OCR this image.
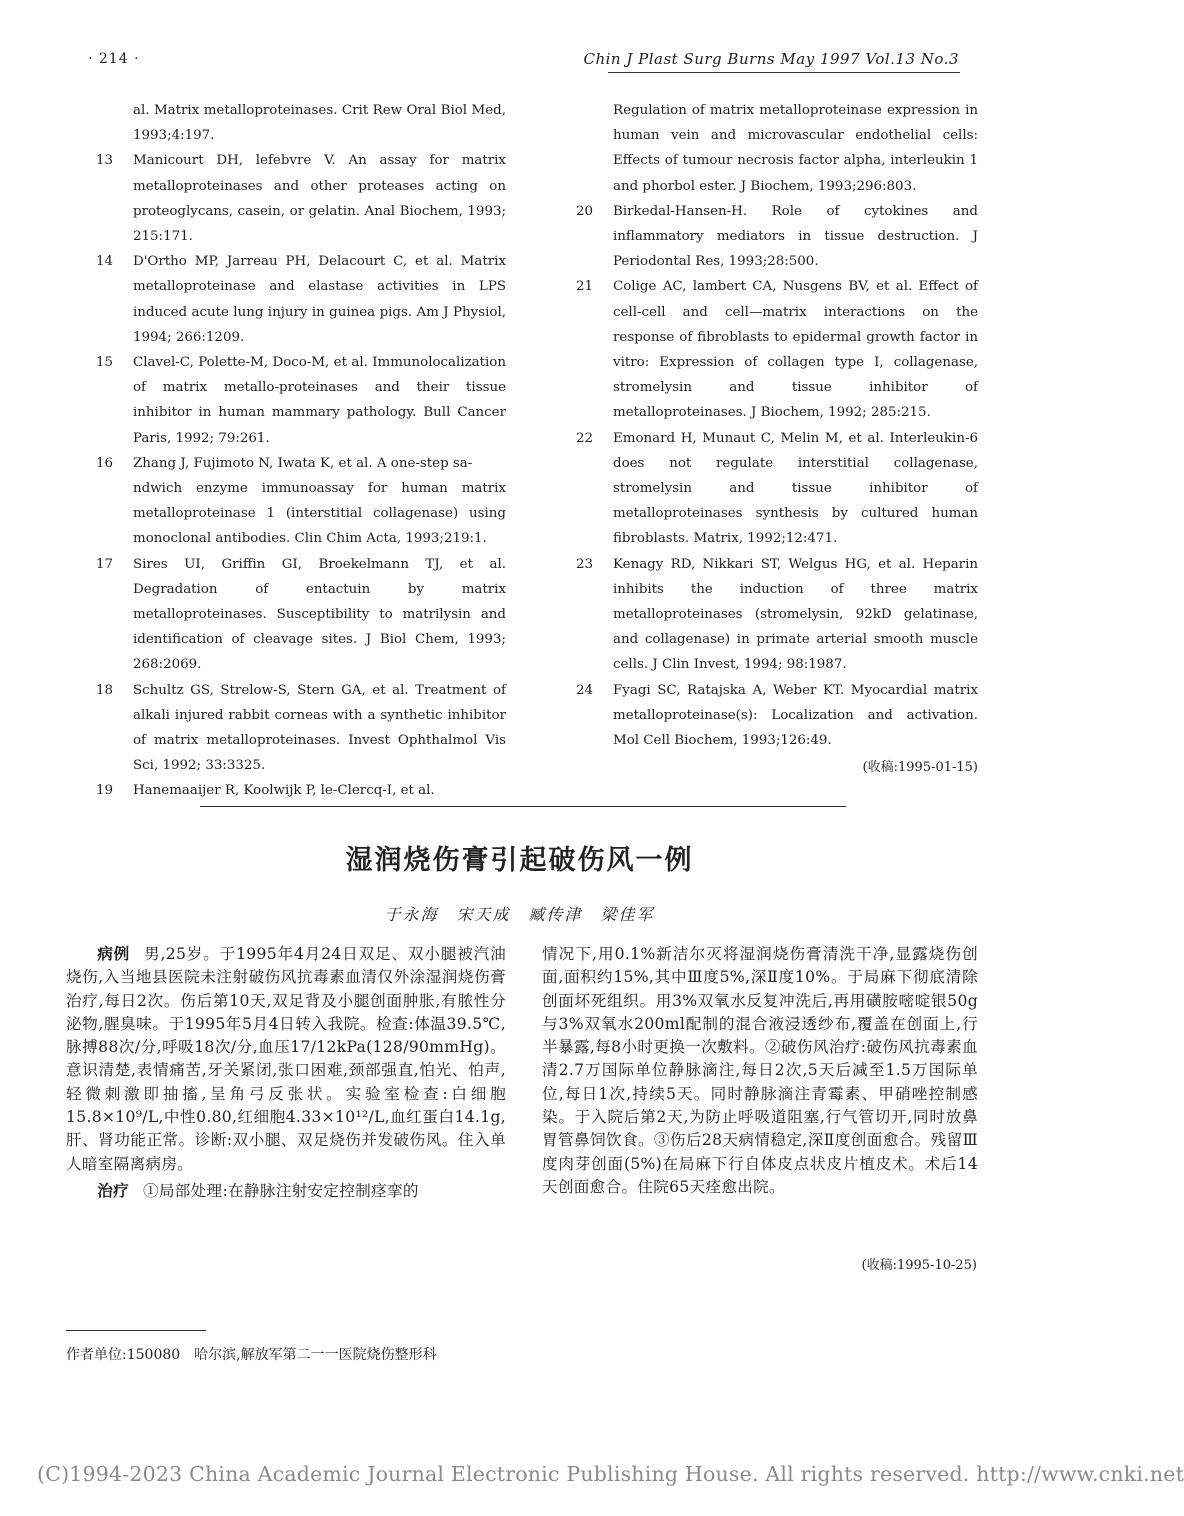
· 214 ·	Chin J Plast Surg Burns May 1997 Vol.13 No.3
al. Matrix metalloproteinases. Crit Rew Oral Biol Med, 1993;4:197.
13	Manicourt DH, lefebvre V. An assay for matrix metalloproteinases and other proteases acting on proteoglycans, casein, or gelatin. Anal Biochem, 1993; 215:171.
14	D'Ortho MP, Jarreau PH, Delacourt C, et al. Matrix metalloproteinase and elastase activities in LPS induced acute lung injury in guinea pigs. Am J Physiol, 1994; 266:1209.
15	Clavel-C, Polette-M, Doco-M, et al. Immunolocalization of matrix metallo-proteinases and their tissue inhibitor in human mammary pathology. Bull Cancer Paris, 1992; 79:261.
16	Zhang J, Fujimoto N, Iwata K, et al. A one-step sa-
ndwich enzyme immunoassay for human matrix metalloproteinase 1 (interstitial collagenase) using monoclonal antibodies. Clin Chim Acta, 1993;219:1.
17	Sires UI, Griffin GI, Broekelmann TJ, et al. Degradation of entactuin by matrix metalloproteinases. Susceptibility to matrilysin and identification of cleavage sites. J Biol Chem, 1993; 268:2069.
18	Schultz GS, Strelow-S, Stern GA, et al. Treatment of alkali injured rabbit corneas with a synthetic inhibitor of matrix metalloproteinases. Invest Ophthalmol Vis Sci, 1992; 33:3325.
19	Hanemaaijer R, Koolwijk P, le-Clercq-I, et al.
Regulation of matrix metalloproteinase expression in human vein and microvascular endothelial cells: Effects of tumour necrosis factor alpha, interleukin 1 and phorbol ester. J Biochem, 1993;296:803.
20	Birkedal-Hansen-H. Role of cytokines and inflammatory mediators in tissue destruction. J Periodontal Res, 1993;28:500.
21	Colige AC, lambert CA, Nusgens BV, et al. Effect of cell-cell and cell—matrix interactions on the response of fibroblasts to epidermal growth factor in vitro: Expression of collagen type I, collagenase, stromelysin and tissue inhibitor of metalloproteinases. J Biochem, 1992; 285:215.
22	Emonard H, Munaut C, Melin M, et al. Interleukin-6 does not regulate interstitial collagenase, stromelysin and tissue inhibitor of metalloproteinases synthesis by cultured human fibroblasts. Matrix, 1992;12:471.
23	Kenagy RD, Nikkari ST, Welgus HG, et al. Heparin inhibits the induction of three matrix metalloproteinases (stromelysin, 92kD gelatinase, and collagenase) in primate arterial smooth muscle cells. J Clin Invest, 1994; 98:1987.
24	Fyagi SC, Ratajska A, Weber KT. Myocardial matrix metalloproteinase(s): Localization and activation. Mol Cell Biochem, 1993;126:49.
(收稿:1995-01-15)
湿润烧伤膏引起破伤风一例
于永海　宋天成　臧传津　梁佳军

病例 男,25岁。于1995年4月24日双足、双小腿被汽油烧伤,入当地县医院未注射破伤风抗毒素血清仅外涂湿润烧伤膏治疗,每日2次。伤后第10天,双足背及小腿创面肿胀,有脓性分泌物,腥臭味。于1995年5月4日转入我院。检查:体温39.5℃,脉搏88次/分,呼吸18次/分,血压17/12kPa(128/90mmHg)。意识清楚,表情痛苦,牙关紧闭,张口困难,颈部强直,怕光、怕声,轻微刺激即抽搐,呈角弓反张状。实验室检查:白细胞15.8×10⁹/L,中性0.80,红细胞4.33×10¹²/L,血红蛋白14.1g,肝、肾功能正常。诊断:双小腿、双足烧伤并发破伤风。住入单人暗室隔离病房。

治疗 ①局部处理:在静脉注射安定控制痉挛的

情况下,用0.1%新洁尔灭将湿润烧伤膏清洗干净,显露烧伤创面,面积约15%,其中Ⅲ度5%,深Ⅱ度10%。于局麻下彻底清除创面坏死组织。用3%双氧水反复冲洗后,再用磺胺嘧啶银50g与3%双氧水200ml配制的混合液浸透纱布,覆盖在创面上,行半暴露,每8小时更换一次敷料。②破伤风治疗:破伤风抗毒素血清2.7万国际单位静脉滴注,每日2次,5天后减至1.5万国际单位,每日1次,持续5天。同时静脉滴注青霉素、甲硝唑控制感染。于入院后第2天,为防止呼吸道阻塞,行气管切开,同时放鼻胃管鼻饲饮食。③伤后28天病情稳定,深Ⅱ度创面愈合。残留Ⅲ度肉芽创面(5%)在局麻下行自体皮点状皮片植皮术。术后14天创面愈合。住院65天痊愈出院。

(收稿:1995-10-25)
作者单位:150080　哈尔滨,解放军第二一一医院烧伤整形科
(C)1994-2023 China Academic Journal Electronic Publishing House. All rights reserved. http://www.cnki.net
